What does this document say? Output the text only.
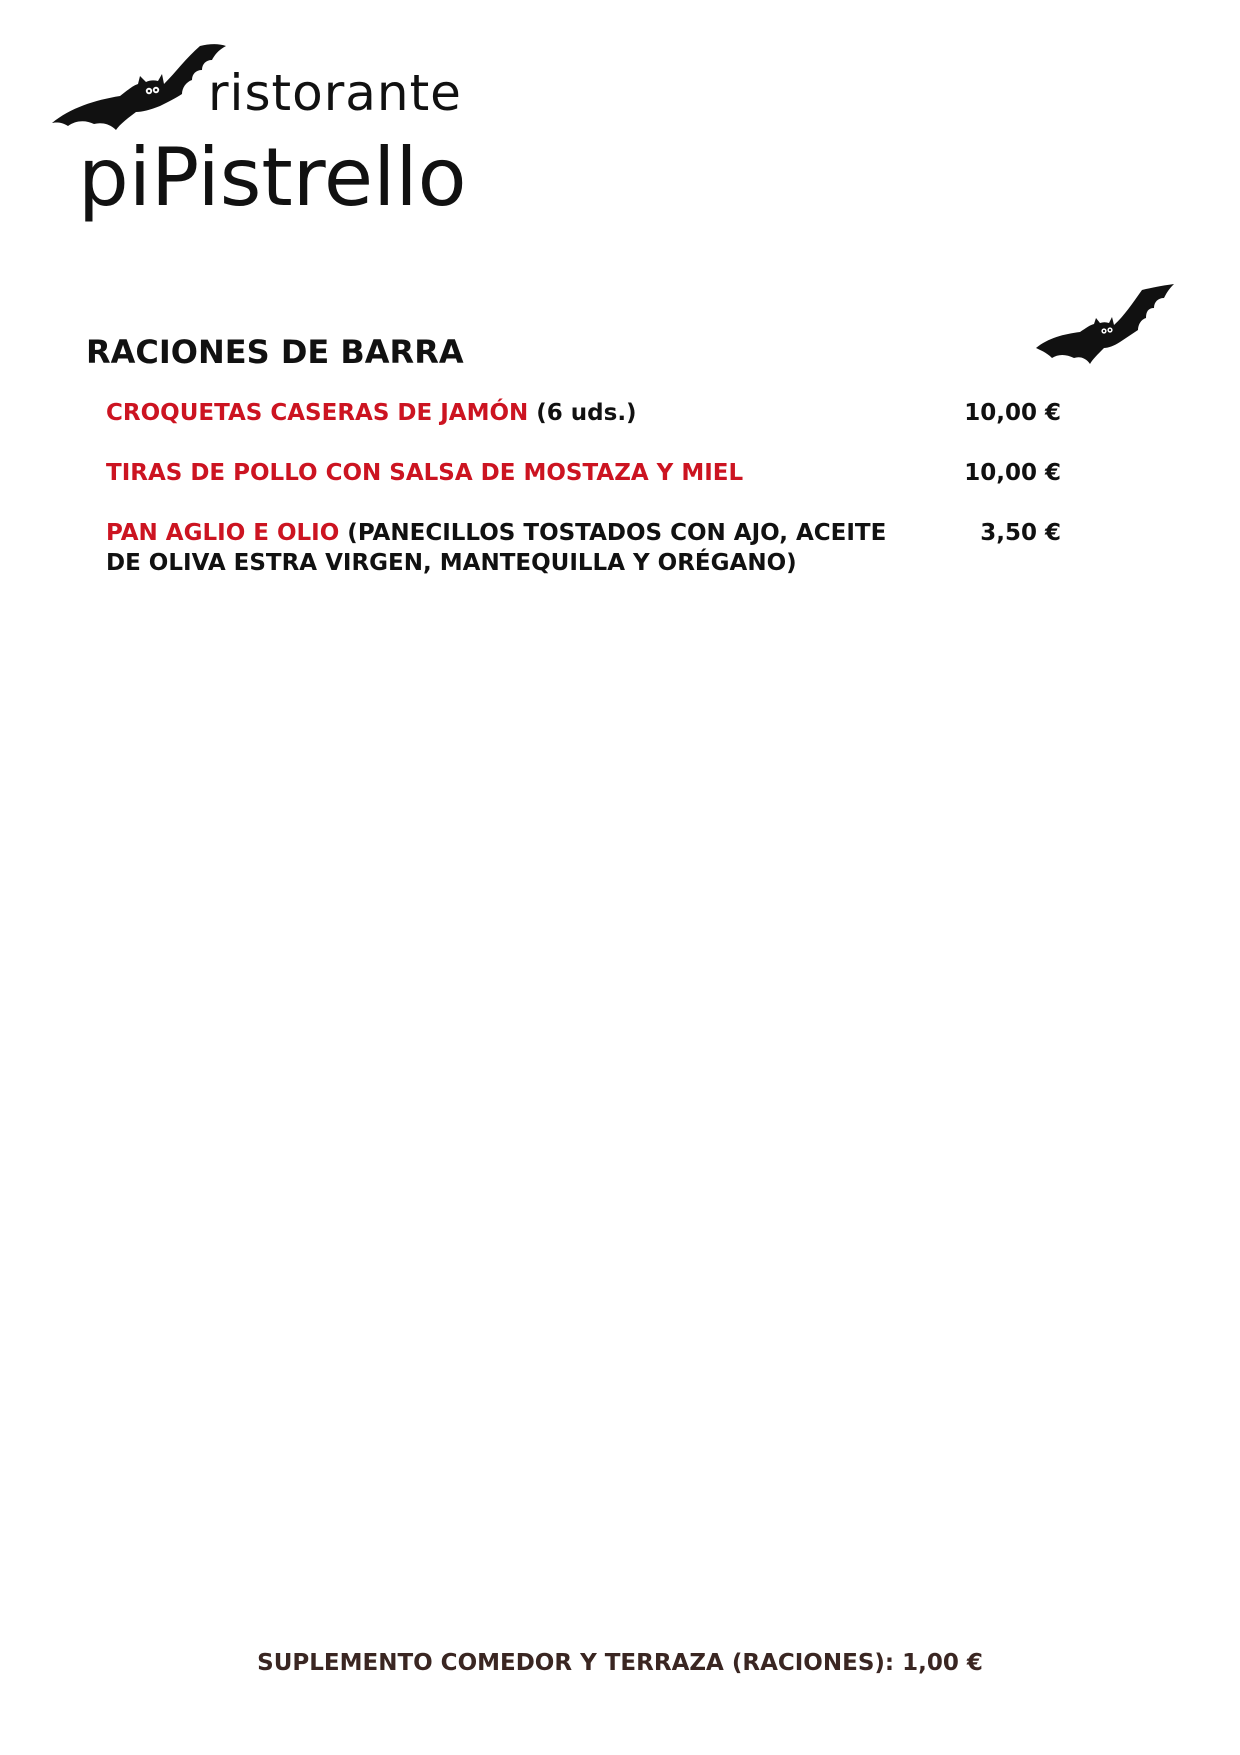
ristorante
piPistrello
RACIONES DE BARRA
CROQUETAS CASERAS DE JAMÓN (6 uds.)	10,00 €
TIRAS DE POLLO CON SALSA DE MOSTAZA Y MIEL	10,00 €
PAN AGLIO E OLIO (PANECILLOS TOSTADOS CON AJO, ACEITE DE OLIVA ESTRA VIRGEN, MANTEQUILLA Y ORÉGANO)
3,50 €
SUPLEMENTO COMEDOR Y TERRAZA (RACIONES): 1,00 €
